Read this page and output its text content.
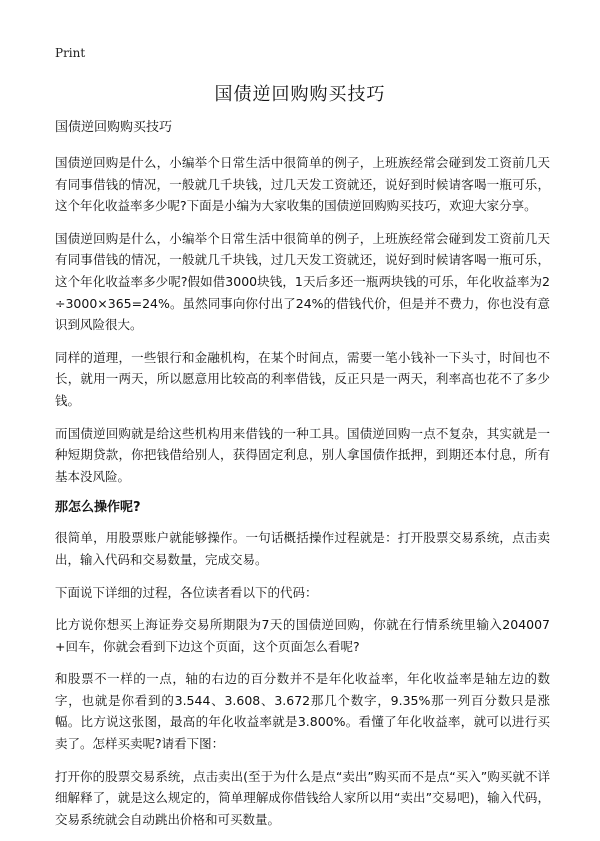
Print
国债逆回购购买技巧

国债逆回购购买技巧

国债逆回购是什么，小编举个日常生活中很简单的例子，上班族经常会碰到发工资前几天有同事借钱的情况，一般就几千块钱，过几天发工资就还，说好到时候请客喝一瓶可乐，这个年化收益率多少呢?下面是小编为大家收集的国债逆回购购买技巧，欢迎大家分享。

国债逆回购是什么，小编举个日常生活中很简单的例子，上班族经常会碰到发工资前几天有同事借钱的情况，一般就几千块钱，过几天发工资就还，说好到时候请客喝一瓶可乐，这个年化收益率多少呢?假如借3000块钱，1天后多还一瓶两块钱的可乐，年化收益率为2÷3000×365=24%。虽然同事向你付出了24%的借钱代价，但是并不费力，你也没有意识到风险很大。

同样的道理，一些银行和金融机构，在某个时间点，需要一笔小钱补一下头寸，时间也不长，就用一两天，所以愿意用比较高的利率借钱，反正只是一两天，利率高也花不了多少钱。

而国债逆回购就是给这些机构用来借钱的一种工具。国债逆回购一点不复杂，其实就是一种短期贷款，你把钱借给别人，获得固定利息，别人拿国债作抵押，到期还本付息，所有基本没风险。

那怎么操作呢?

很简单，用股票账户就能够操作。一句话概括操作过程就是：打开股票交易系统，点击卖出，输入代码和交易数量，完成交易。

下面说下详细的过程，各位读者看以下的代码：

比方说你想买上海证券交易所期限为7天的国债逆回购，你就在行情系统里输入204007+回车，你就会看到下边这个页面，这个页面怎么看呢?

和股票不一样的一点，轴的右边的百分数并不是年化收益率，年化收益率是轴左边的数字，也就是你看到的3.544、3.608、3.672那几个数字，9.35%那一列百分数只是涨幅。比方说这张图，最高的年化收益率就是3.800%。看懂了年化收益率，就可以进行买卖了。怎样买卖呢?请看下图：

打开你的股票交易系统，点击卖出(至于为什么是点“卖出”购买而不是点“买入”购买就不详细解释了，就是这么规定的，简单理解成你借钱给人家所以用“卖出”交易吧)，输入代码，交易系统就会自动跳出价格和可买数量。
